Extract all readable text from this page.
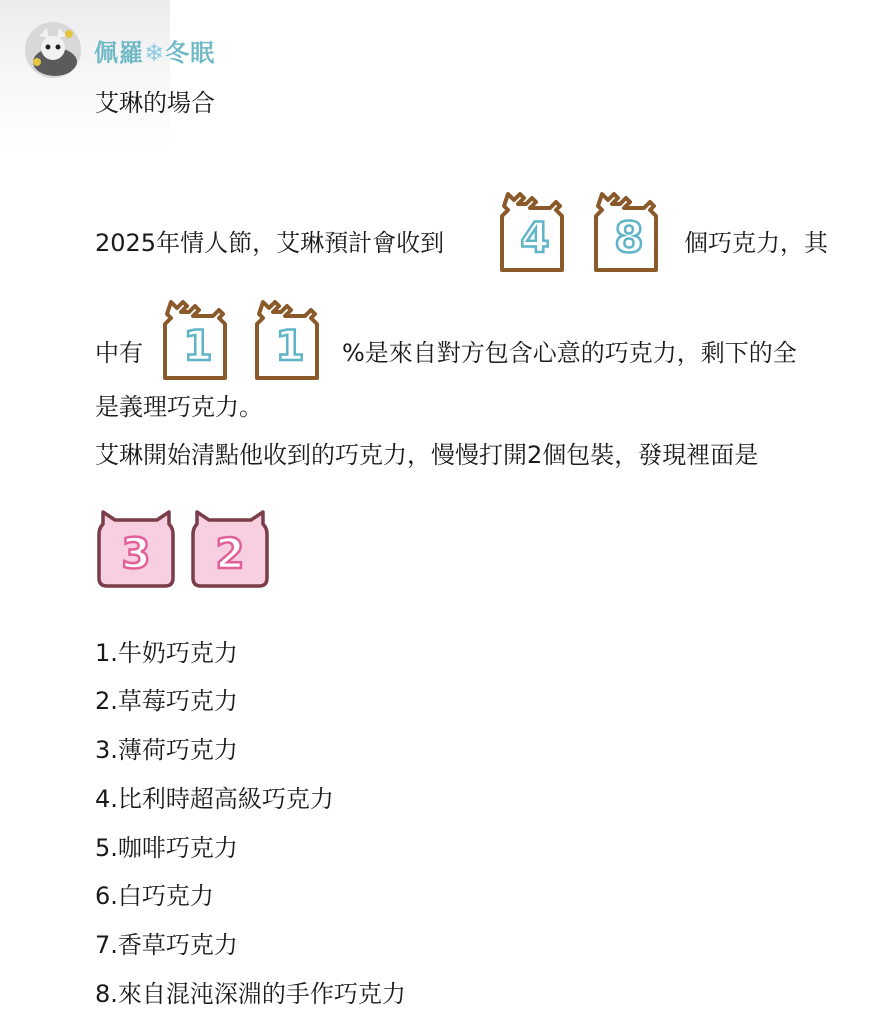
佩羅❄冬眠
艾琳的場合
2025年情人節，艾琳預計會收到 4 8 個巧克力，其
中有 1 1 %是來自對方包含心意的巧克力，剩下的全
是義理巧克力。
艾琳開始清點他收到的巧克力，慢慢打開2個包裝，發現裡面是
3 2
1.牛奶巧克力
2.草莓巧克力
3.薄荷巧克力
4.比利時超高級巧克力
5.咖啡巧克力
6.白巧克力
7.香草巧克力
8.來自混沌深淵的手作巧克力
